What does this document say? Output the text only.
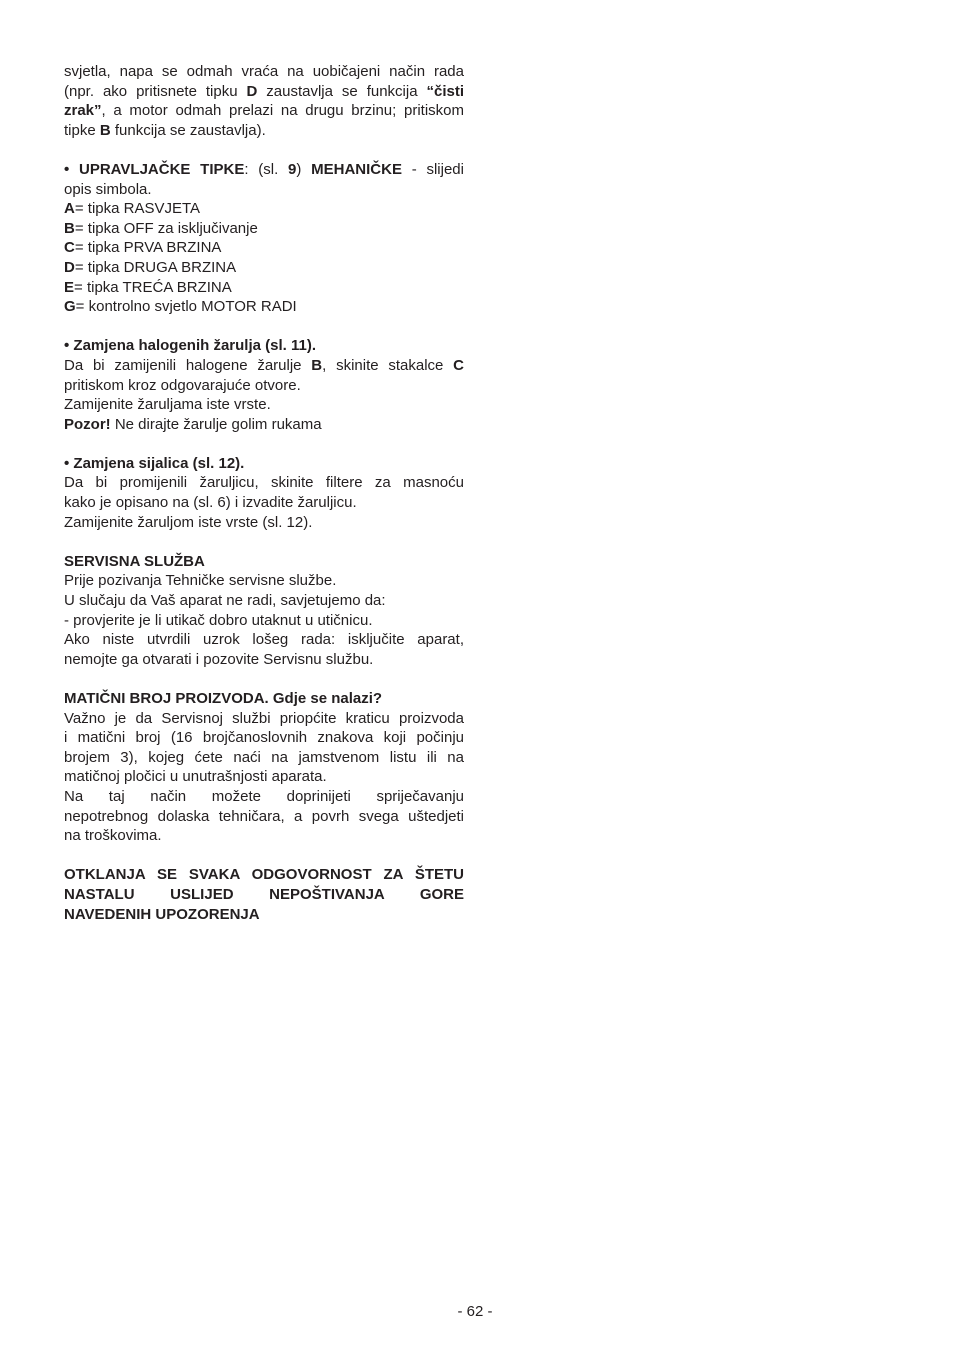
svjetla, napa se odmah vraća na uobičajeni način rada
(npr. ako pritisnete tipku D zaustavlja se funkcija “čisti
zrak”, a motor odmah prelazi na drugu brzinu; pritiskom
tipke B funkcija se zaustavlja).
• UPRAVLJAČKE TIPKE: (sl. 9) MEHANIČKE - slijedi
opis simbola.
A= tipka RASVJETA
B= tipka OFF za isključivanje
C= tipka PRVA BRZINA
D= tipka DRUGA BRZINA
E= tipka TREĆA BRZINA
G= kontrolno svjetlo MOTOR RADI
• Zamjena halogenih žarulja (sl. 11).
Da bi zamijenili halogene žarulje B, skinite stakalce C
pritiskom kroz odgovarajuće otvore.
Zamijenite žaruljama iste vrste.
Pozor! Ne dirajte žarulje golim rukama
• Zamjena sijalica (sl. 12).
Da bi promijenili žaruljicu, skinite filtere za masnoću
kako je opisano na (sl. 6) i izvadite žaruljicu.
Zamijenite žaruljom iste vrste (sl. 12).
SERVISNA SLUŽBA
Prije pozivanja Tehničke servisne službe.
U slučaju da Vaš aparat ne radi, savjetujemo da:
- provjerite je li utikač dobro utaknut u utičnicu.
Ako niste utvrdili uzrok lošeg rada: isključite aparat,
nemojte ga otvarati i pozovite Servisnu službu.
MATIČNI BROJ PROIZVODA. Gdje se nalazi?
Važno je da Servisnoj službi priopćite kraticu proizvoda
i matični broj (16 brojčanoslovnih znakova koji počinju
brojem 3), kojeg ćete naći na jamstvenom listu ili na
matičnoj pločici u unutrašnjosti aparata.
Na taj način možete doprinijeti spriječavanju
nepotrebnog dolaska tehničara, a povrh svega uštedjeti
na troškovima.
OTKLANJA SE SVAKA ODGOVORNOST ZA ŠTETU
NASTALU USLIJED NEPOŠTIVANJA GORE
NAVEDENIH UPOZORENJA
- 62 -
